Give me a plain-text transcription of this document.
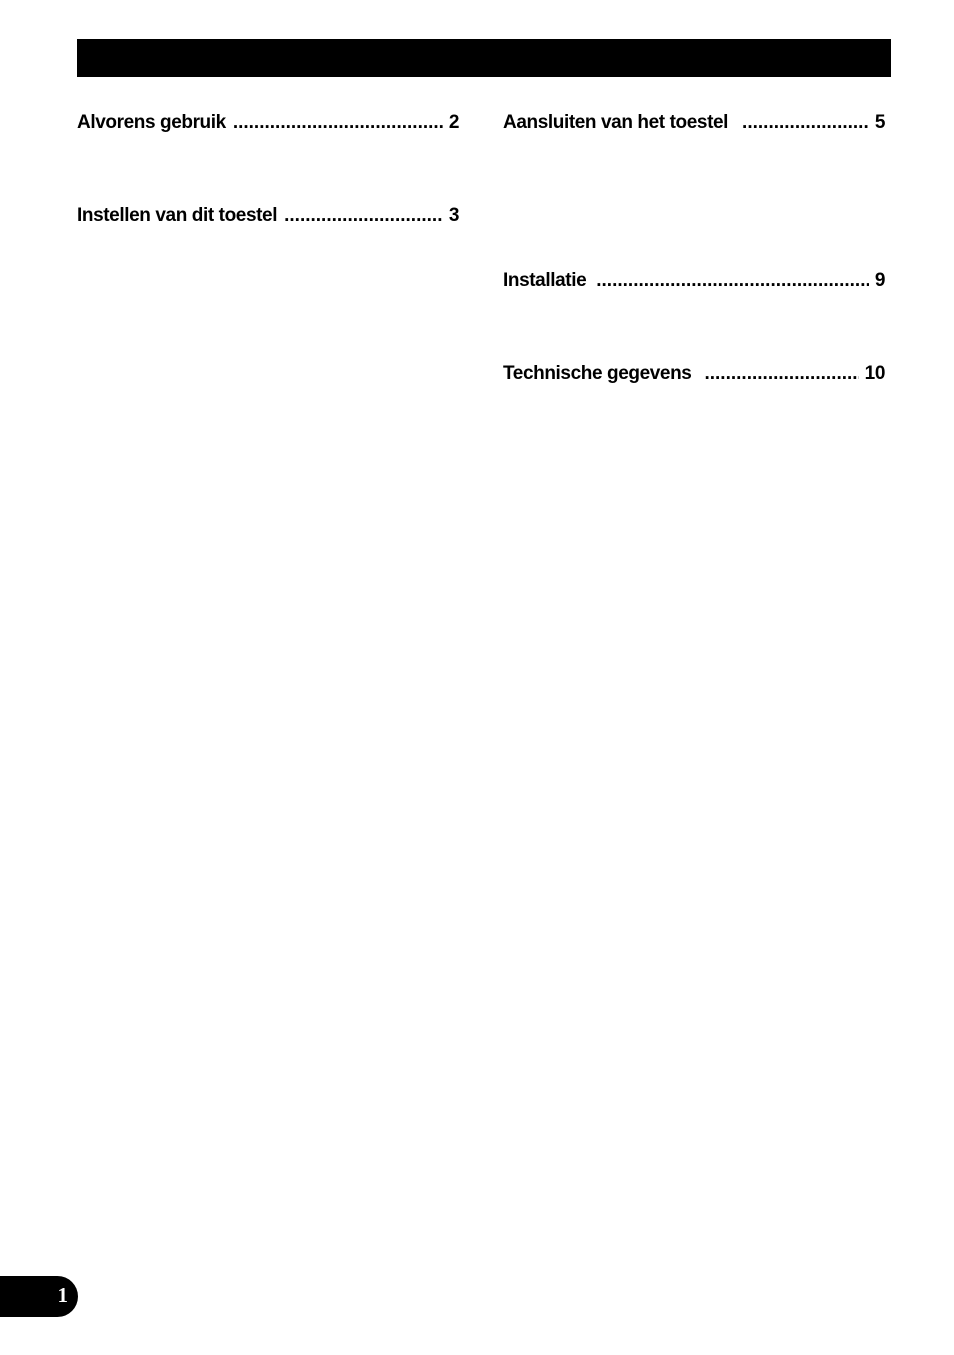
Alvorens gebruik .....	2
Instellen van dit toestel .....	3
Aansluiten van het toestel .....	5
Installatie .....	9
Technische gegevens .....	10
1
